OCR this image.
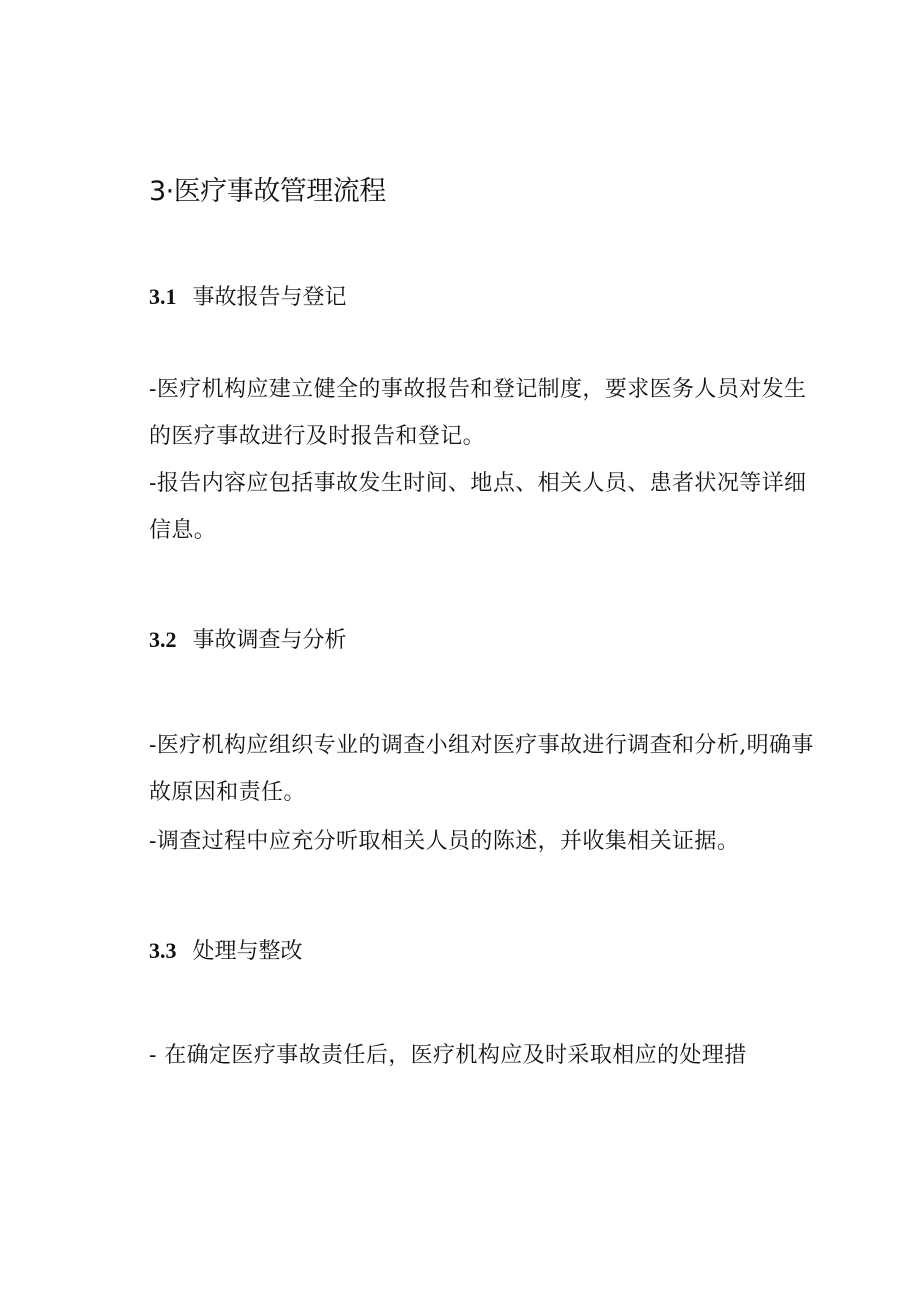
3·医疗事故管理流程
3.1 事故报告与登记
-医疗机构应建立健全的事故报告和登记制度，要求医务人员对发生的医疗事故进行及时报告和登记。
-报告内容应包括事故发生时间、地点、相关人员、患者状况等详细信息。
3.2 事故调查与分析
-医疗机构应组织专业的调查小组对医疗事故进行调查和分析,明确事故原因和责任。
-调查过程中应充分听取相关人员的陈述，并收集相关证据。
3.3 处理与整改
- 在确定医疗事故责任后，医疗机构应及时采取相应的处理措
